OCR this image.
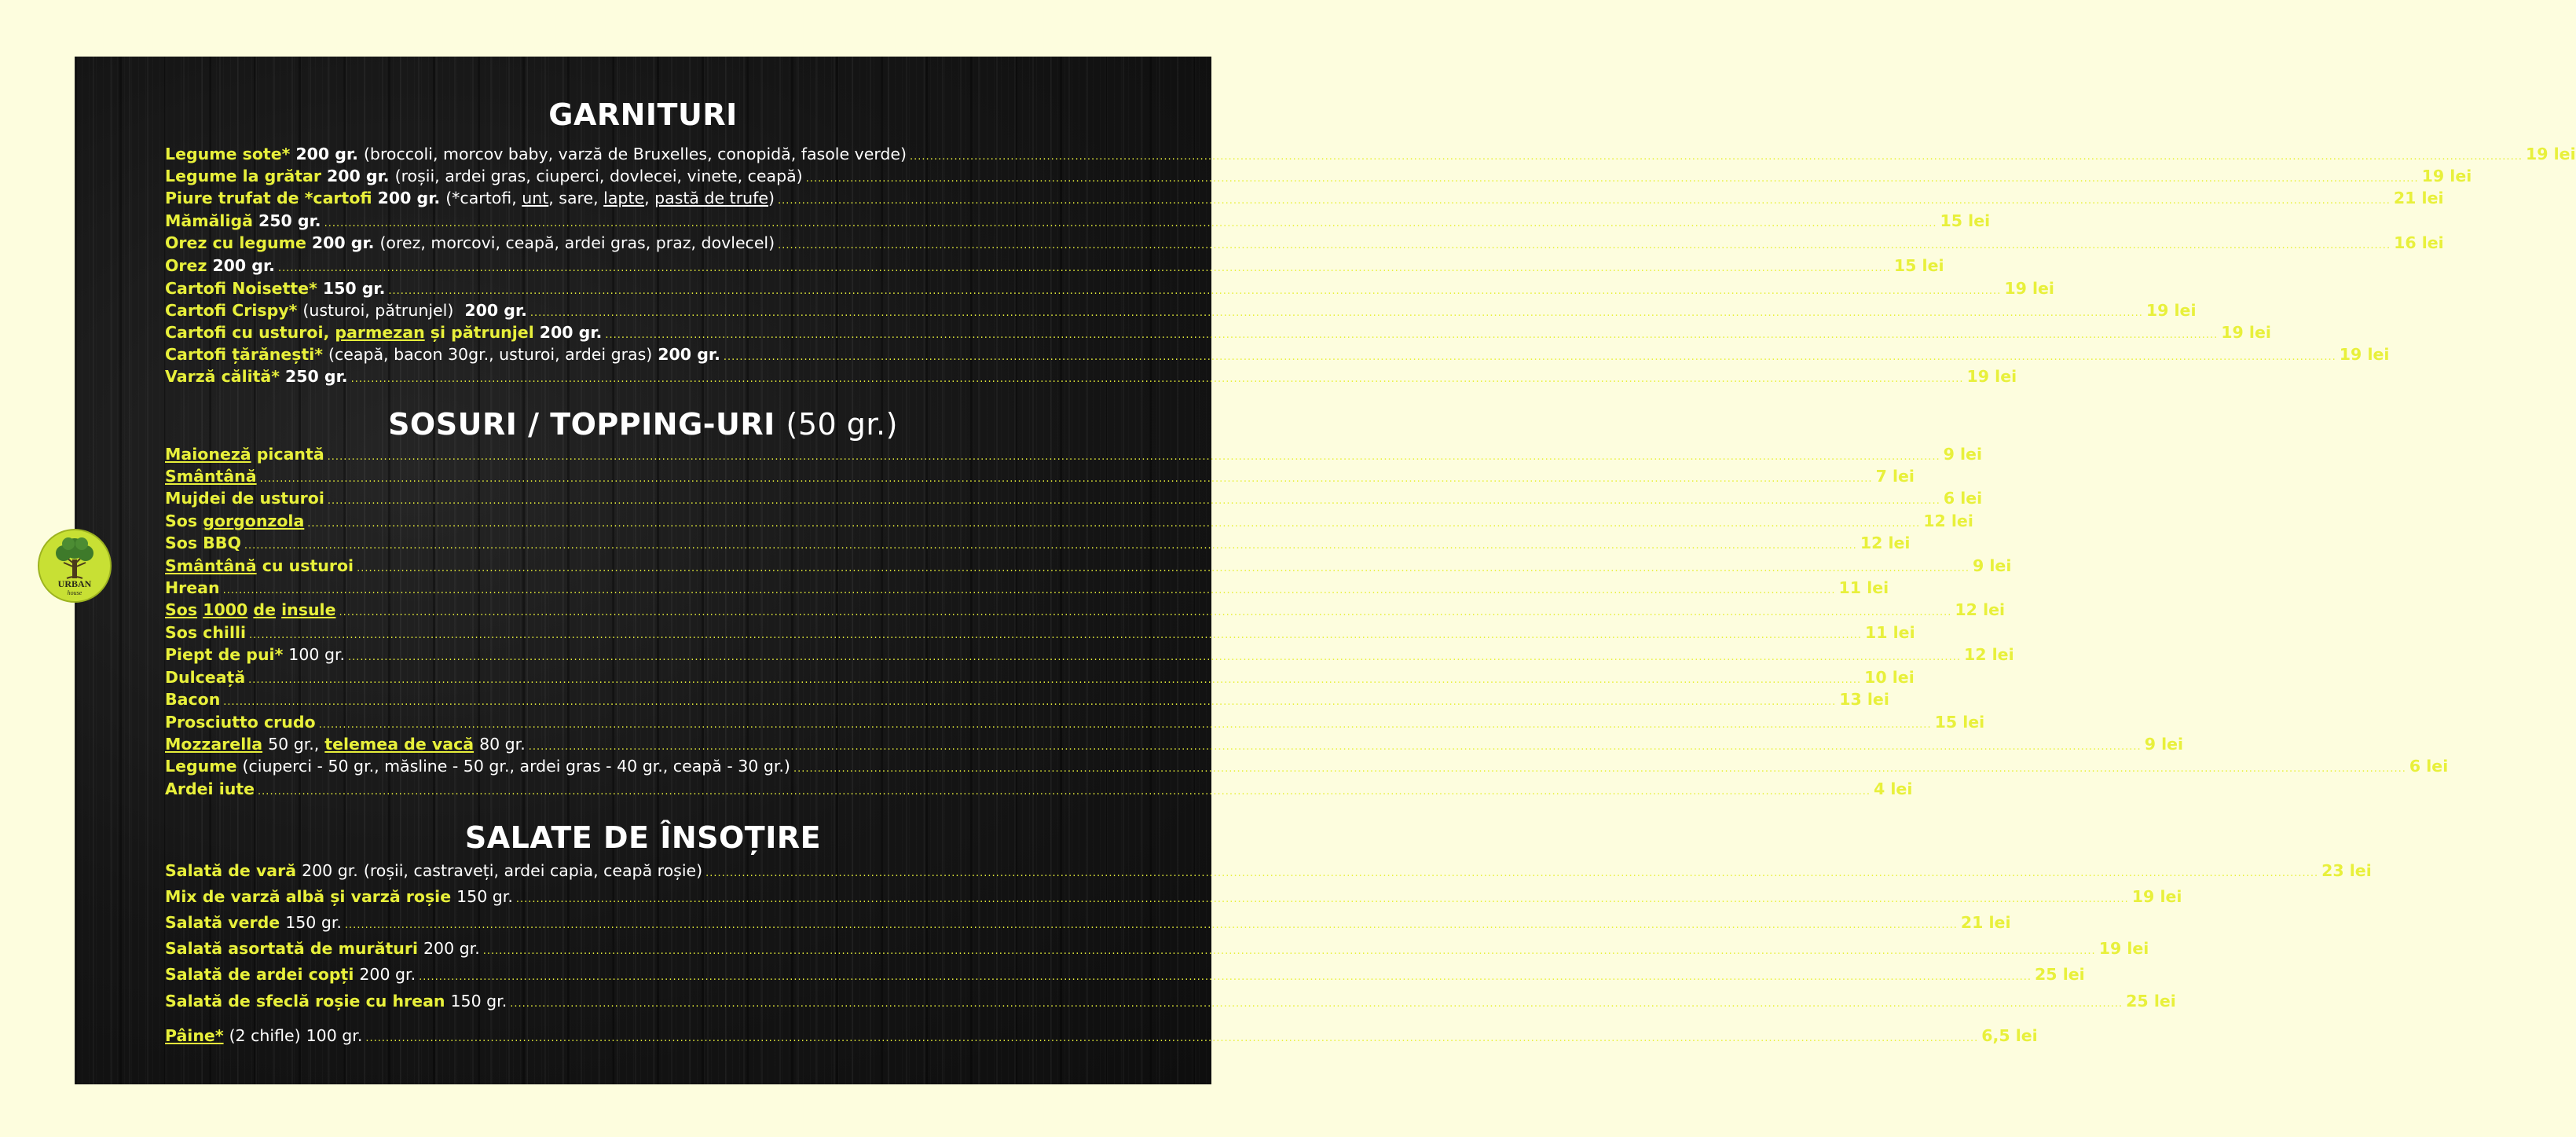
GARNITURI
Legume sote* 200 gr. (broccoli, morcov baby, varză de Bruxelles, conopidă, fasole verde) ................................................................................................................................................................................................................................................................................................................................................................................................................ 19 lei
Legume la grătar 200 gr. (roșii, ardei gras, ciuperci, dovlecei, vinete, ceapă) ................................................................................................................................................................................................................................................................................................................................................................................................................ 19 lei
Piure trufat de *cartofi 200 gr. (*cartofi, unt, sare, lapte, pastă de trufe) ................................................................................................................................................................................................................................................................................................................................................................................................................ 21 lei
Mămăligă 250 gr. ................................................................................................................................................................................................................................................................................................................................................................................................................ 15 lei
Orez cu legume 200 gr. (orez, morcovi, ceapă, ardei gras, praz, dovlecel) ................................................................................................................................................................................................................................................................................................................................................................................................................ 16 lei
Orez 200 gr. ................................................................................................................................................................................................................................................................................................................................................................................................................ 15 lei
Cartofi Noisette* 150 gr. ................................................................................................................................................................................................................................................................................................................................................................................................................ 19 lei
Cartofi Crispy* (usturoi, pătrunjel) 200 gr. ................................................................................................................................................................................................................................................................................................................................................................................................................ 19 lei
Cartofi cu usturoi, parmezan și pătrunjel 200 gr. ................................................................................................................................................................................................................................................................................................................................................................................................................ 19 lei
Cartofi țărănești* (ceapă, bacon 30gr., usturoi, ardei gras) 200 gr. ................................................................................................................................................................................................................................................................................................................................................................................................................ 19 lei
Varză călită* 250 gr. ................................................................................................................................................................................................................................................................................................................................................................................................................ 19 lei
SOSURI / TOPPING-URI (50 gr.)
Maioneză picantă ................................................................................................................................................................................................................................................................................................................................................................................................................ 9 lei
Smântână ................................................................................................................................................................................................................................................................................................................................................................................................................ 7 lei
Mujdei de usturoi ................................................................................................................................................................................................................................................................................................................................................................................................................ 6 lei
Sos gorgonzola ................................................................................................................................................................................................................................................................................................................................................................................................................ 12 lei
Sos BBQ ................................................................................................................................................................................................................................................................................................................................................................................................................ 12 lei
Smântână cu usturoi ................................................................................................................................................................................................................................................................................................................................................................................................................ 9 lei
Hrean ................................................................................................................................................................................................................................................................................................................................................................................................................ 11 lei
Sos 1000 de insule ................................................................................................................................................................................................................................................................................................................................................................................................................ 12 lei
Sos chilli ................................................................................................................................................................................................................................................................................................................................................................................................................ 11 lei
Piept de pui* 100 gr. ................................................................................................................................................................................................................................................................................................................................................................................................................ 12 lei
Dulceață ................................................................................................................................................................................................................................................................................................................................................................................................................ 10 lei
Bacon ................................................................................................................................................................................................................................................................................................................................................................................................................ 13 lei
Prosciutto crudo ................................................................................................................................................................................................................................................................................................................................................................................................................ 15 lei
Mozzarella 50 gr., telemea de vacă 80 gr. ................................................................................................................................................................................................................................................................................................................................................................................................................ 9 lei
Legume (ciuperci - 50 gr., măsline - 50 gr., ardei gras - 40 gr., ceapă - 30 gr.) ................................................................................................................................................................................................................................................................................................................................................................................................................ 6 lei
Ardei iute ................................................................................................................................................................................................................................................................................................................................................................................................................ 4 lei
SALATE DE ÎNSOȚIRE
Salată de vară 200 gr. (roșii, castraveți, ardei capia, ceapă roșie) ................................................................................................................................................................................................................................................................................................................................................................................................................ 23 lei
Mix de varză albă și varză roșie 150 gr. ................................................................................................................................................................................................................................................................................................................................................................................................................ 19 lei
Salată verde 150 gr. ................................................................................................................................................................................................................................................................................................................................................................................................................ 21 lei
Salată asortată de murături 200 gr. ................................................................................................................................................................................................................................................................................................................................................................................................................ 19 lei
Salată de ardei copți 200 gr. ................................................................................................................................................................................................................................................................................................................................................................................................................ 25 lei
Salată de sfeclă roșie cu hrean 150 gr. ................................................................................................................................................................................................................................................................................................................................................................................................................ 25 lei
Pâine* (2 chifle) 100 gr. ................................................................................................................................................................................................................................................................................................................................................................................................................ 6,5 lei
URBAN
house
